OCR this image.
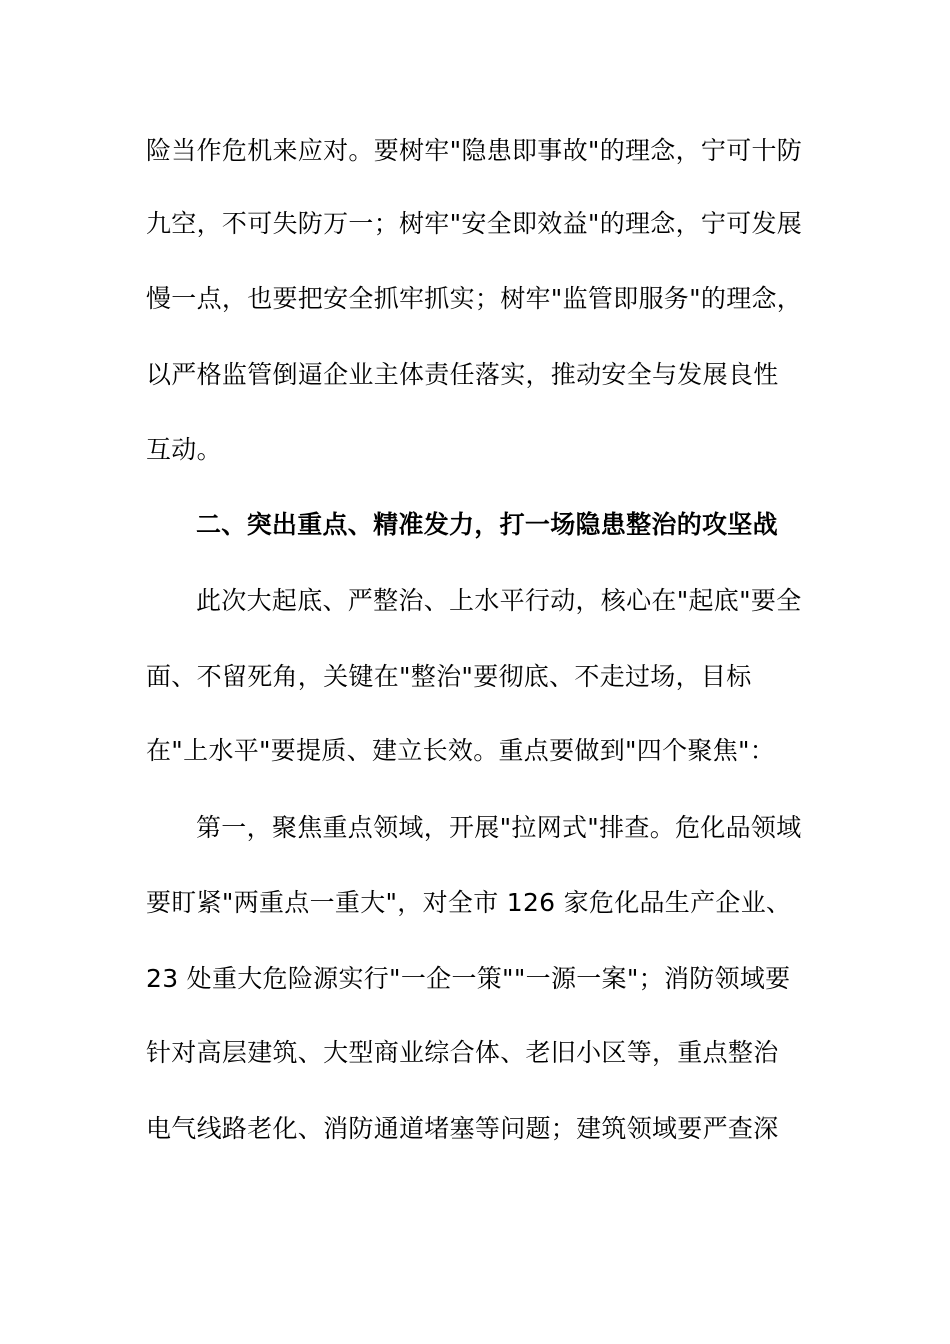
险当作危机来应对。要树牢"隐患即事故"的理念，宁可十防
九空，不可失防万一；树牢"安全即效益"的理念，宁可发展
慢一点，也要把安全抓牢抓实；树牢"监管即服务"的理念，
以严格监管倒逼企业主体责任落实，推动安全与发展良性
互动。
二、突出重点、精准发力，打一场隐患整治的攻坚战
此次大起底、严整治、上水平行动，核心在"起底"要全
面、不留死角，关键在"整治"要彻底、不走过场，目标
在"上水平"要提质、建立长效。重点要做到"四个聚焦"：
第一，聚焦重点领域，开展"拉网式"排查。危化品领域
要盯紧"两重点一重大"，对全市 126 家危化品生产企业、
23 处重大危险源实行"一企一策""一源一案"；消防领域要
针对高层建筑、大型商业综合体、老旧小区等，重点整治
电气线路老化、消防通道堵塞等问题；建筑领域要严查深
